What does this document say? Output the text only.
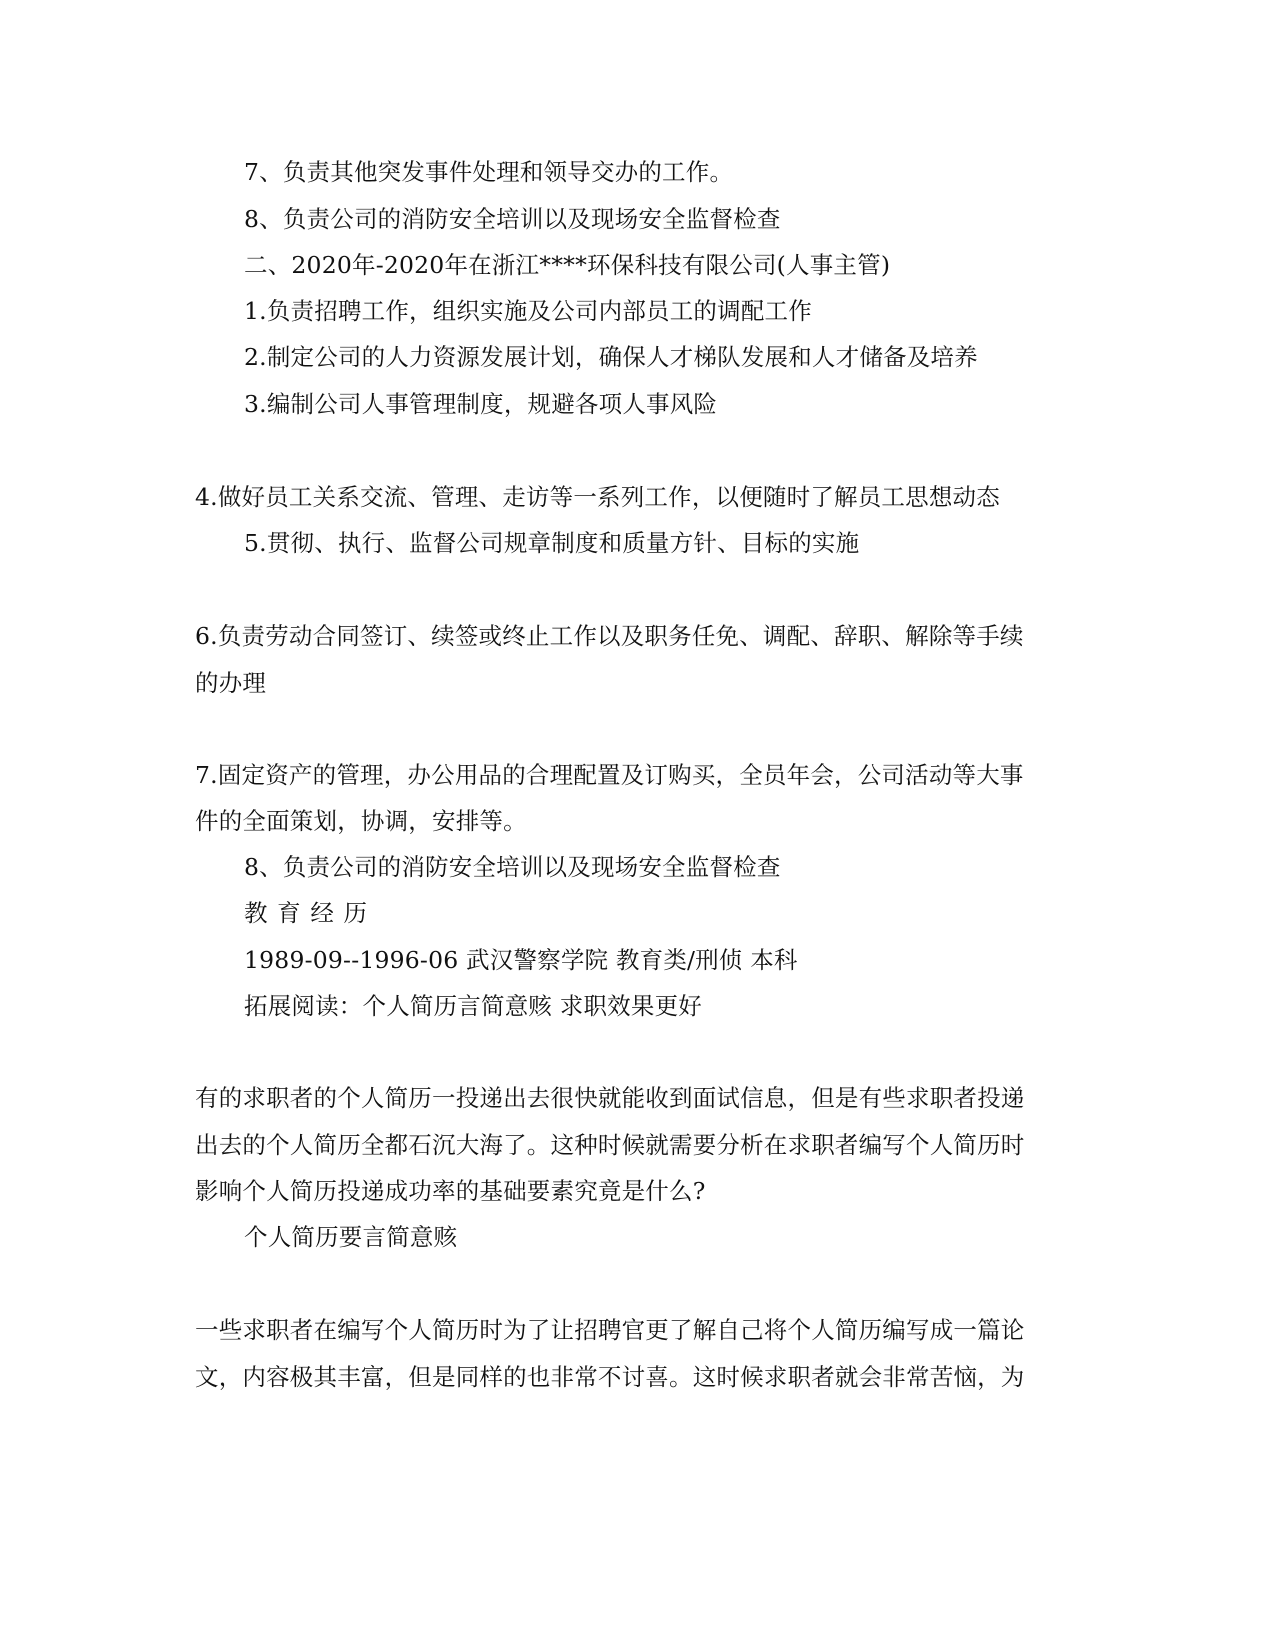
7、负责其他突发事件处理和领导交办的工作。
8、负责公司的消防安全培训以及现场安全监督检查
二、2020年-2020年在浙江****环保科技有限公司(人事主管)
1.负责招聘工作，组织实施及公司内部员工的调配工作
2.制定公司的人力资源发展计划，确保人才梯队发展和人才储备及培养
3.编制公司人事管理制度，规避各项人事风险
4.做好员工关系交流、管理、走访等一系列工作，以便随时了解员工思想动态
5.贯彻、执行、监督公司规章制度和质量方针、目标的实施
6.负责劳动合同签订、续签或终止工作以及职务任免、调配、辞职、解除等手续
的办理
7.固定资产的管理，办公用品的合理配置及订购买，全员年会，公司活动等大事
件的全面策划，协调，安排等。
8、负责公司的消防安全培训以及现场安全监督检查
教 育 经 历
1989-09--1996-06 武汉警察学院 教育类/刑侦 本科
拓展阅读：个人简历言简意赅 求职效果更好
有的求职者的个人简历一投递出去很快就能收到面试信息，但是有些求职者投递
出去的个人简历全都石沉大海了。这种时候就需要分析在求职者编写个人简历时
影响个人简历投递成功率的基础要素究竟是什么?
个人简历要言简意赅
一些求职者在编写个人简历时为了让招聘官更了解自己将个人简历编写成一篇论
文，内容极其丰富，但是同样的也非常不讨喜。这时候求职者就会非常苦恼，为
